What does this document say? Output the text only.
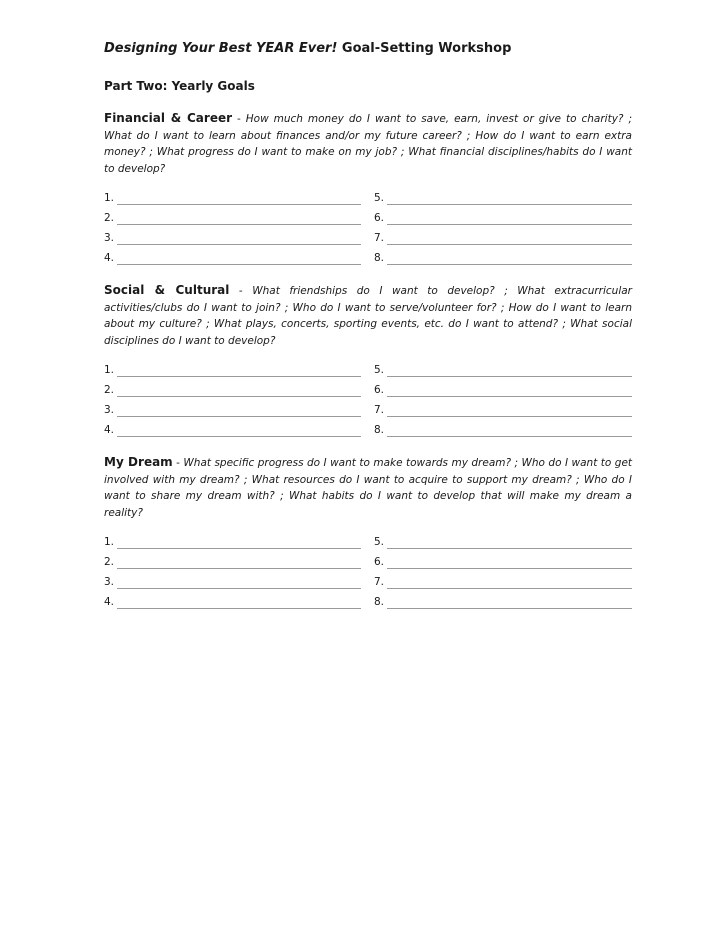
Designing Your Best YEAR Ever! Goal-Setting Workshop

Part Two: Yearly Goals

Financial & Career - How much money do I want to save, earn, invest or give to charity? ; What do I want to learn about finances and/or my future career? ; How do I want to earn extra money? ; What progress do I want to make on my job? ; What financial disciplines/habits do I want to develop?

1.
2.
3.
4.
5.
6.
7.
8.

Social & Cultural - What friendships do I want to develop? ; What extracurricular activities/clubs do I want to join? ; Who do I want to serve/volunteer for? ; How do I want to learn about my culture? ; What plays, concerts, sporting events, etc. do I want to attend? ; What social disciplines do I want to develop?

1.
2.
3.
4.
5.
6.
7.
8.

My Dream - What specific progress do I want to make towards my dream? ; Who do I want to get involved with my dream? ; What resources do I want to acquire to support my dream? ; Who do I want to share my dream with? ; What habits do I want to develop that will make my dream a reality?

1.
2.
3.
4.
5.
6.
7.
8.
